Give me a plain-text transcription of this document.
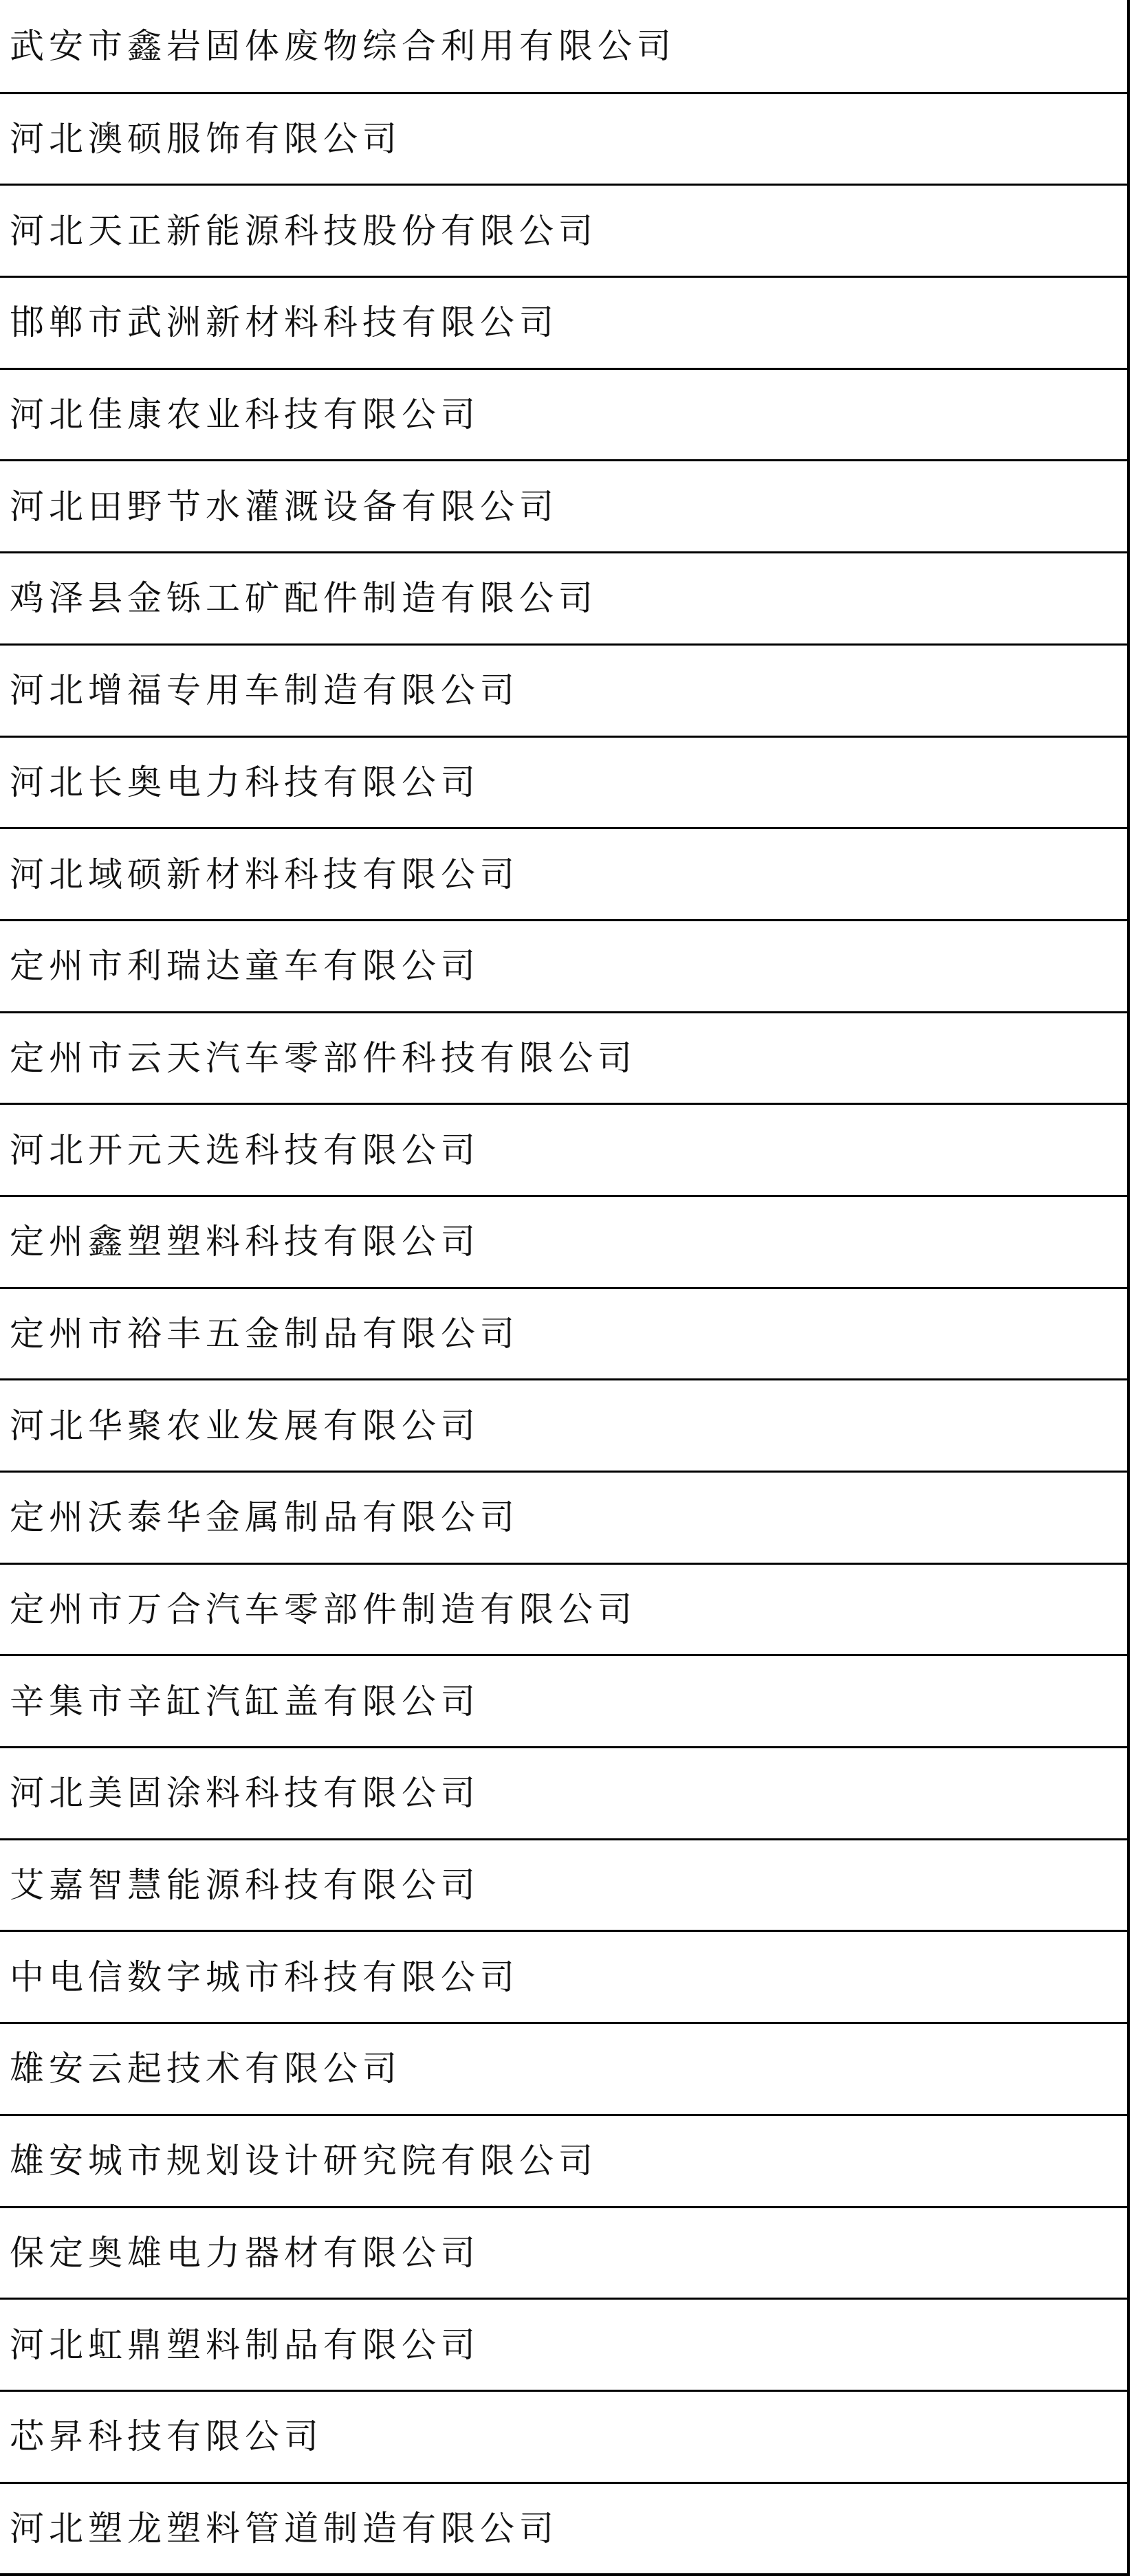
武安市鑫岩固体废物综合利用有限公司
河北澳硕服饰有限公司
河北天正新能源科技股份有限公司
邯郸市武洲新材料科技有限公司
河北佳康农业科技有限公司
河北田野节水灌溉设备有限公司
鸡泽县金铄工矿配件制造有限公司
河北增福专用车制造有限公司
河北长奥电力科技有限公司
河北域硕新材料科技有限公司
定州市利瑞达童车有限公司
定州市云天汽车零部件科技有限公司
河北开元天选科技有限公司
定州鑫塑塑料科技有限公司
定州市裕丰五金制品有限公司
河北华聚农业发展有限公司
定州沃泰华金属制品有限公司
定州市万合汽车零部件制造有限公司
辛集市辛缸汽缸盖有限公司
河北美固涂料科技有限公司
艾嘉智慧能源科技有限公司
中电信数字城市科技有限公司
雄安云起技术有限公司
雄安城市规划设计研究院有限公司
保定奥雄电力器材有限公司
河北虹鼎塑料制品有限公司
芯昇科技有限公司
河北塑龙塑料管道制造有限公司
